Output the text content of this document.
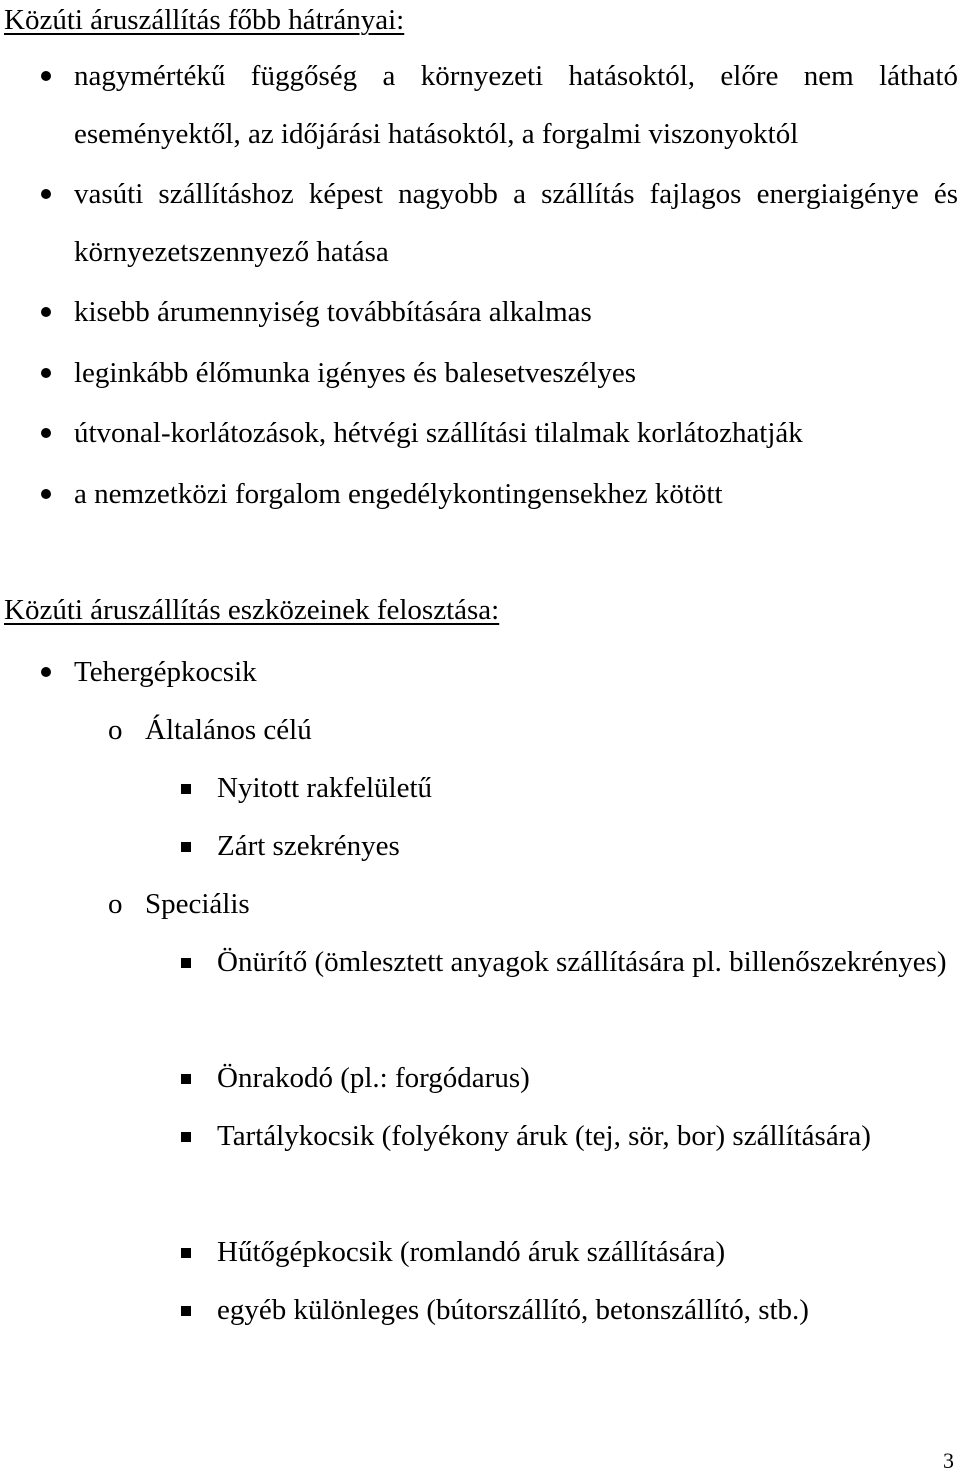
Közúti áruszállítás főbb hátrányai:
nagymértékű függőség a környezeti hatásoktól, előre nem látható eseményektől, az időjárási hatásoktól, a forgalmi viszonyoktól
vasúti szállításhoz képest nagyobb a szállítás fajlagos energiaigénye és környezetszennyező hatása
kisebb árumennyiség továbbítására alkalmas
leginkább élőmunka igényes és balesetveszélyes
útvonal-korlátozások, hétvégi szállítási tilalmak korlátozhatják
a nemzetközi forgalom engedélykontingensekhez kötött
Közúti áruszállítás eszközeinek felosztása:
Tehergépkocsik
o Általános célú
Nyitott rakfelületű
Zárt szekrényes
o Speciális
Önürítő (ömlesztett anyagok szállítására pl. billenőszekrényes)
Önrakodó (pl.: forgódarus)
Tartálykocsik (folyékony áruk (tej, sör, bor) szállítására)
Hűtőgépkocsik (romlandó áruk szállítására)
egyéb különleges (bútorszállító, betonszállító, stb.)
3
